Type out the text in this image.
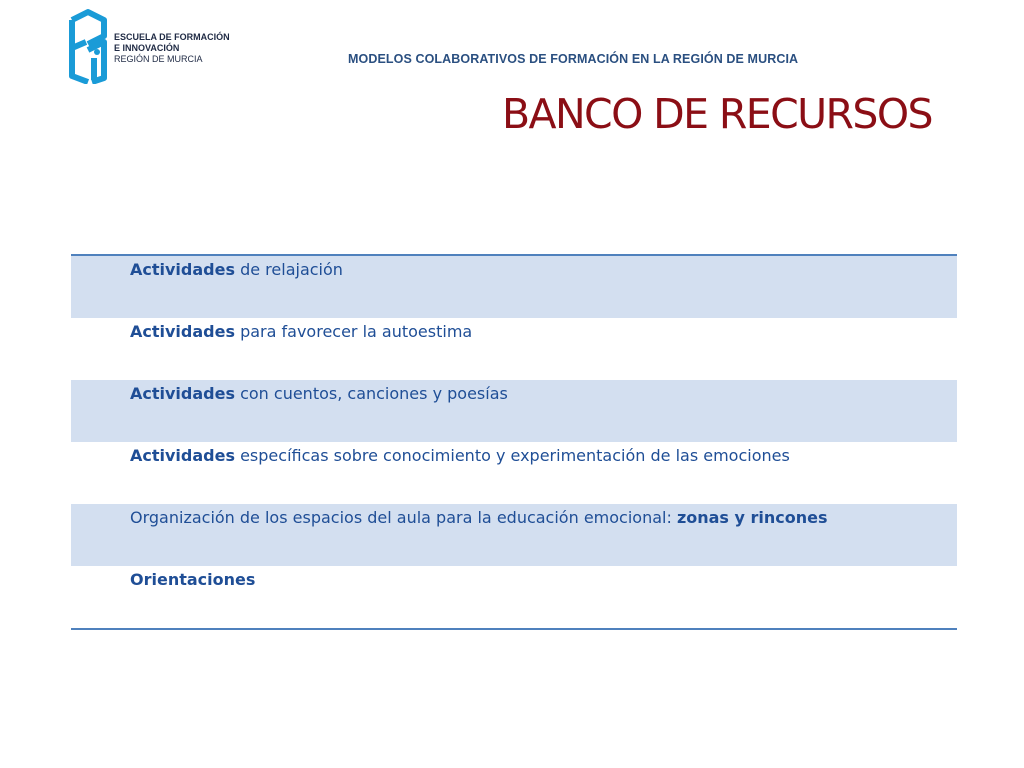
ESCUELA DE FORMACIÓN
E INNOVACIÓN
REGIÓN DE MURCIA	MODELOS COLABORATIVOS DE FORMACIÓN EN LA REGIÓN DE MURCIA
BANCO DE RECURSOS
Actividades de relajación
Actividades para favorecer la autoestima
Actividades con cuentos, canciones y poesías
Actividades específicas sobre conocimiento y experimentación de las emociones
Organización de los espacios del aula para la educación emocional: zonas y rincones
Orientaciones
